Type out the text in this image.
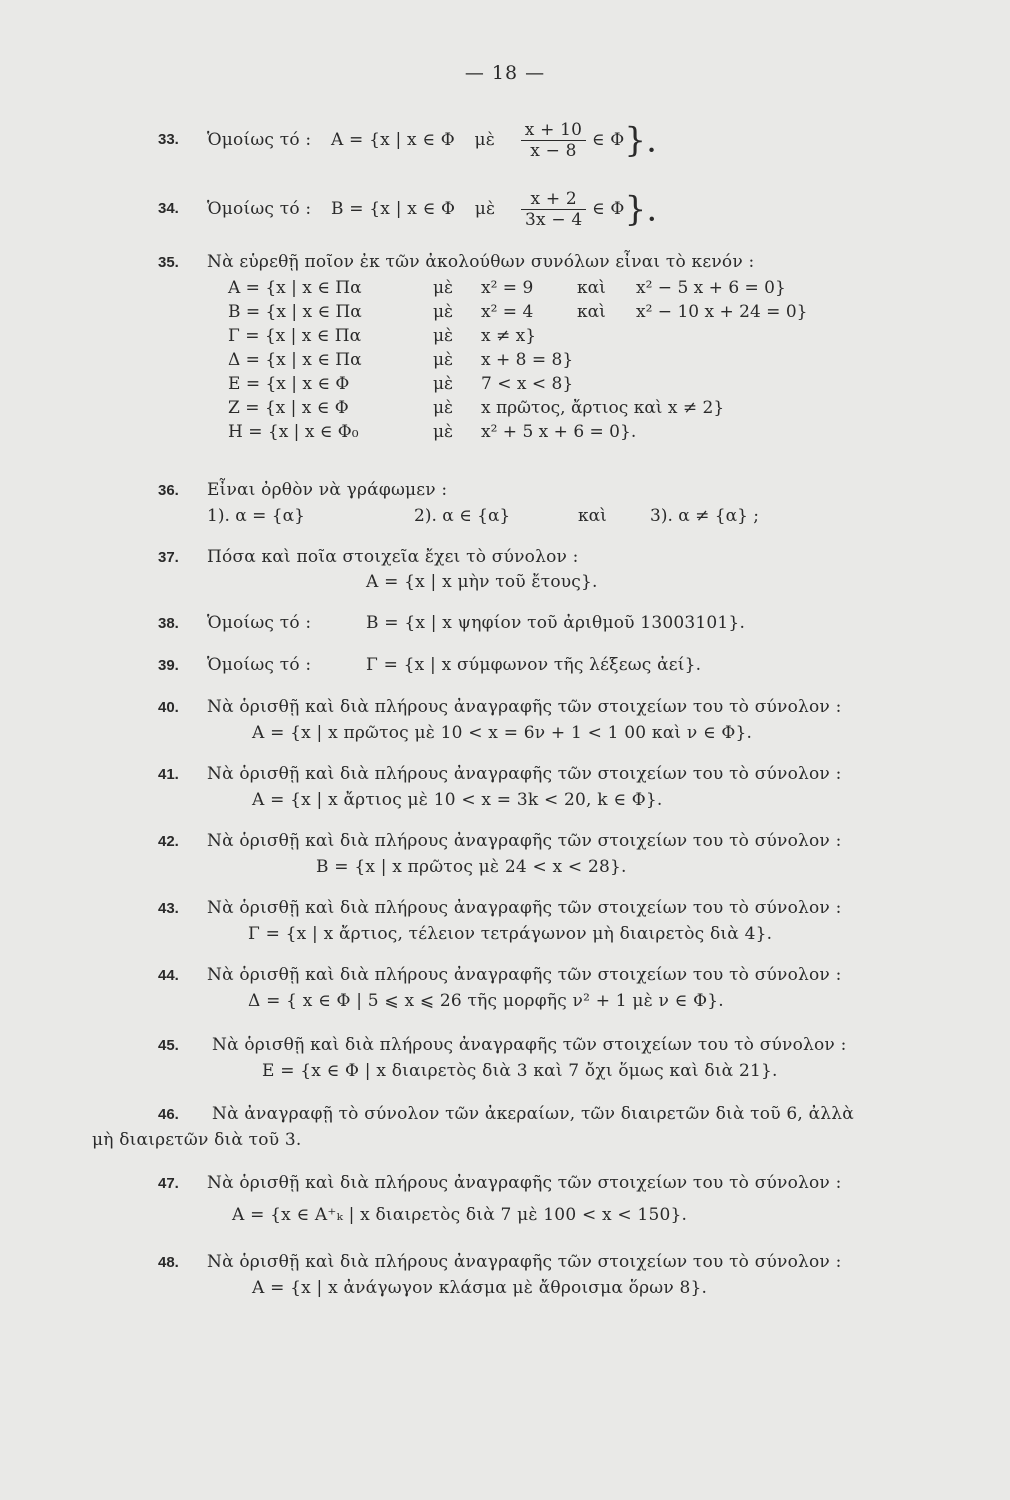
— 18 —
33. Ὁμοίως τό : A = {x | x ∈ Φ μὲ $\frac{x + 10}{x - 8}$ ∈ Φ}.
34. Ὁμοίως τό : B = {x | x ∈ Φ μὲ $\frac{x + 2}{3x - 4}$ ∈ Φ}.
35. Νὰ εὑρεθῇ ποῖον ἐκ τῶν ἀκολούθων συνόλων εἶναι τὸ κενόν :
A = {x | x ∈ Πα	μὲ x² = 9	καὶ x² − 5 x + 6 = 0}
B = {x | x ∈ Πα	μὲ x² = 4	καὶ x² − 10 x + 24 = 0}
Γ = {x | x ∈ Πα	μὲ x ≠ x}
Δ = {x | x ∈ Πα	μὲ x + 8 = 8}
E = {x | x ∈ Φ	μὲ 7 < x < 8}
Z = {x | x ∈ Φ	μὲ x πρῶτος, ἄρτιος καὶ x ≠ 2}
H = {x | x ∈ Φ₀	μὲ x² + 5 x + 6 = 0}.
36. Εἶναι ὀρθὸν νὰ γράφωμεν :
1). α = {α}	2). α ∈ {α}	καὶ	3). α ≠ {α} ;
37. Πόσα καὶ ποῖα στοιχεῖα ἔχει τὸ σύνολον :
A = {x | x μὴν τοῦ ἔτους}.
38. Ὁμοίως τό :	B = {x | x ψηφίον τοῦ ἀριθμοῦ 13003101}.
39. Ὁμοίως τό :	Γ = {x | x σύμφωνον τῆς λέξεως ἀεί}.
40. Νὰ ὁρισθῇ καὶ διὰ πλήρους ἀναγραφῆς τῶν στοιχείων του τὸ σύνολον :
A = {x | x πρῶτος μὲ 10 < x = 6ν + 1 < 1 00 καὶ ν ∈ Φ}.
41. Νὰ ὁρισθῇ καὶ διὰ πλήρους ἀναγραφῆς τῶν στοιχείων του τὸ σύνολον :
A = {x | x ἄρτιος μὲ 10 < x = 3k < 20, k ∈ Φ}.
42. Νὰ ὁρισθῇ καὶ διὰ πλήρους ἀναγραφῆς τῶν στοιχείων του τὸ σύνολον :
B = {x | x πρῶτος μὲ 24 < x < 28}.
43. Νὰ ὁρισθῇ καὶ διὰ πλήρους ἀναγραφῆς τῶν στοιχείων του τὸ σύνολον :
Γ = {x | x ἄρτιος, τέλειον τετράγωνον μὴ διαιρετὸς διὰ 4}.
44. Νὰ ὁρισθῇ καὶ διὰ πλήρους ἀναγραφῆς τῶν στοιχείων του τὸ σύνολον :
Δ = { x ∈ Φ | 5 ⩽ x ⩽ 26 τῆς μορφῆς ν² + 1 μὲ ν ∈ Φ}.
45. Νὰ ὁρισθῇ καὶ διὰ πλήρους ἀναγραφῆς τῶν στοιχείων του τὸ σύνολον :
E = {x ∈ Φ | x διαιρετὸς διὰ 3 καὶ 7 ὄχι ὅμως καὶ διὰ 21}.
46. Νὰ ἀναγραφῇ τὸ σύνολον τῶν ἀκεραίων, τῶν διαιρετῶν διὰ τοῦ 6, ἀλλὰ
μὴ διαιρετῶν διὰ τοῦ 3.
47. Νὰ ὁρισθῇ καὶ διὰ πλήρους ἀναγραφῆς τῶν στοιχείων του τὸ σύνολον :
A = {x ∈ A⁺ₖ | x διαιρετὸς διὰ 7 μὲ 100 < x < 150}.
48. Νὰ ὁρισθῇ καὶ διὰ πλήρους ἀναγραφῆς τῶν στοιχείων του τὸ σύνολον :
A = {x | x ἀνάγωγον κλάσμα μὲ ἄθροισμα ὅρων 8}.
